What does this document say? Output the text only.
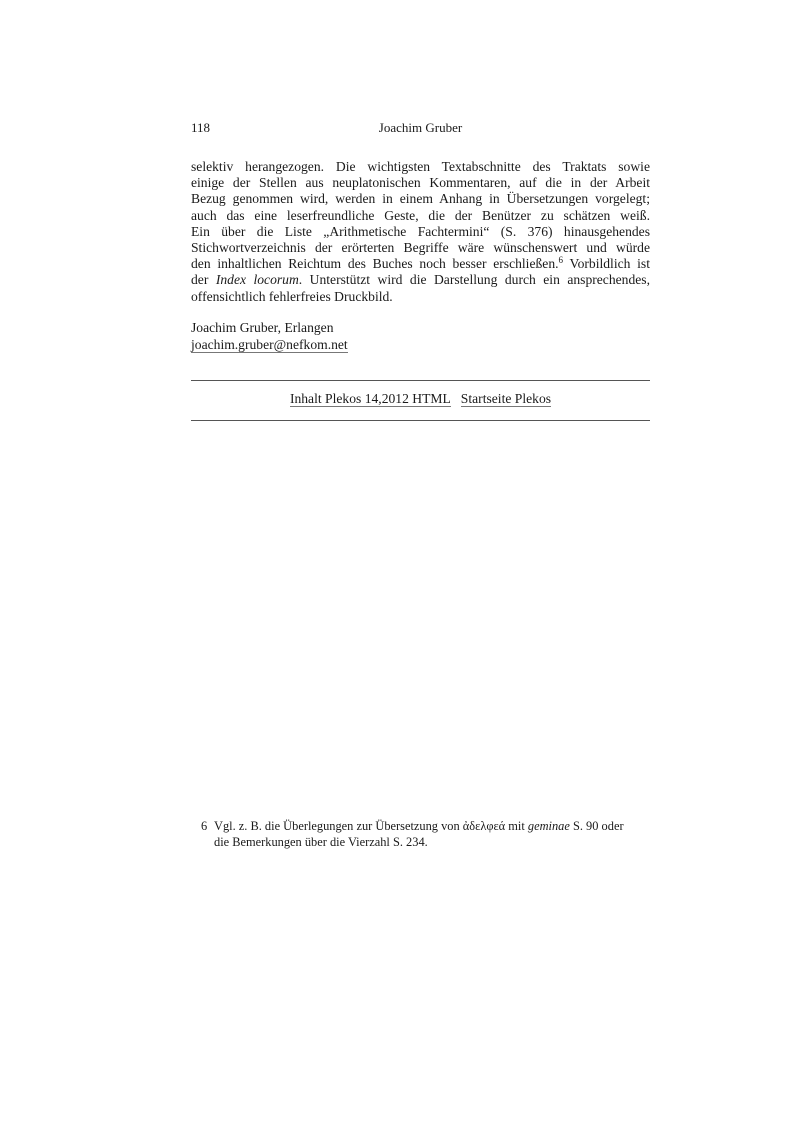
118	Joachim Gruber
selektiv herangezogen. Die wichtigsten Textabschnitte des Traktats sowie
einige der Stellen aus neuplatonischen Kommentaren, auf die in der Arbeit
Bezug genommen wird, werden in einem Anhang in Übersetzungen vorgelegt;
auch das eine leserfreundliche Geste, die der Benützer zu schätzen weiß.
Ein über die Liste „Arithmetische Fachtermini“ (S. 376) hinausgehendes
Stichwortverzeichnis der erörterten Begriffe wäre wünschenswert und würde
den inhaltlichen Reichtum des Buches noch besser erschließen.$^6$ Vorbildlich ist
der Index locorum. Unterstützt wird die Darstellung durch ein ansprechendes,
offensichtlich fehlerfreies Druckbild.
Joachim Gruber, Erlangen
joachim.gruber@nefkom.net
Inhalt Plekos 14,2012 HTML Startseite Plekos
6 Vgl. z. B. die Überlegungen zur Übersetzung von ἀδελφεά mit geminae S. 90 oder
die Bemerkungen über die Vierzahl S. 234.
